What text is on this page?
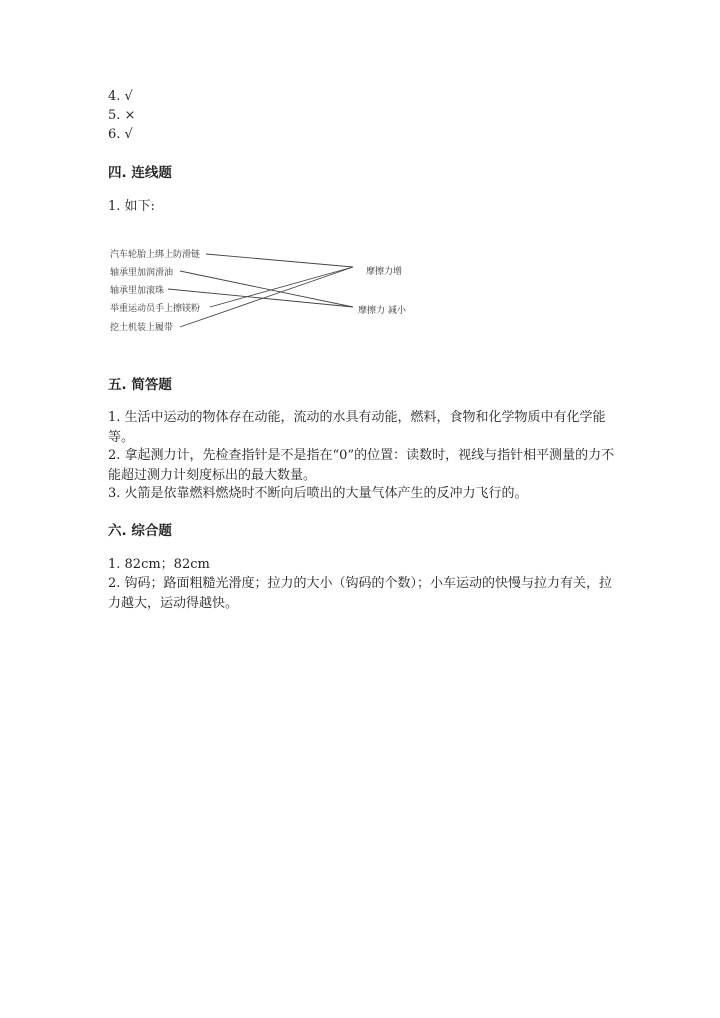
4. √
5. ×
6. √
四. 连线题
1. 如下:
汽车轮胎上绑上防滑链
轴承里加润滑油
轴承里加滚珠
举重运动员手上擦镁粉
挖土机装上履带
摩擦力增
摩擦力 减小
五. 简答题
1. 生活中运动的物体存在动能，流动的水具有动能，燃料，食物和化学物质中有化学能等。
2. 拿起测力计，先检查指针是不是指在“0”的位置：读数时，视线与指针相平测量的力不能超过测力计刻度标出的最大数量。
3. 火箭是依靠燃料燃烧时不断向后喷出的大量气体产生的反冲力飞行的。
六. 综合题
1. 82cm；82cm
2. 钩码；路面粗糙光滑度；拉力的大小（钩码的个数）；小车运动的快慢与拉力有关，拉力越大，运动得越快。
